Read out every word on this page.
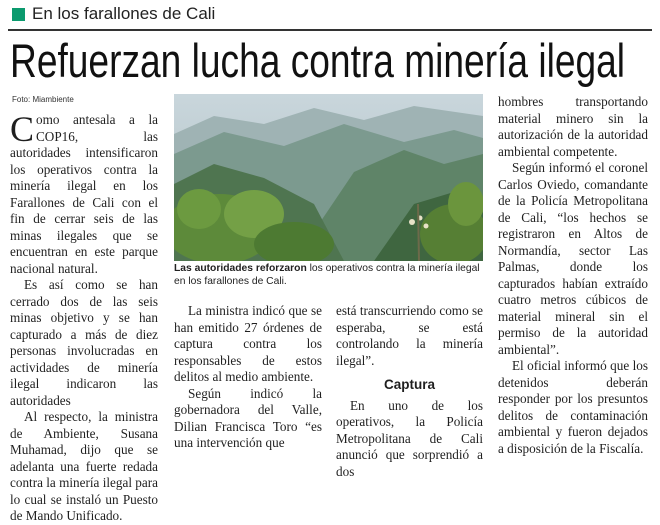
En los farallones de Cali
Refuerzan lucha contra minería ilegal
Foto: Miambiente

Como antesala a la COP16, las autoridades intensificaron los operativos contra la minería ilegal en los Farallones de Cali con el fin de cerrar seis de las minas ilegales que se encuentran en este parque nacional natural.

Es así como se han cerrado dos de las seis minas objetivo y se han capturado a más de diez personas involucradas en actividades de minería ilegal indicaron las autoridades

Al respecto, la ministra de Ambiente, Susana Muhamad, dijo que se adelanta una fuerte redada contra la minería ilegal para lo cual se instaló un Puesto de Mando Unificado.

Las autoridades reforzaron los operativos contra la minería ilegal en los farallones de Cali.

La ministra indicó que se han emitido 27 órdenes de captura contra los responsables de estos delitos al medio ambiente.

Según indicó la gobernadora del Valle, Dilian Francisca Toro “es una intervención que

está transcurriendo como se esperaba, se está controlando la minería ilegal”.

Captura

En uno de los operativos, la Policía Metropolitana de Cali anunció que sorprendió a dos

hombres transportando material minero sin la autorización de la autoridad ambiental competente.

Según informó el coronel Carlos Oviedo, comandante de la Policía Metropolitana de Cali, “los hechos se registraron en Altos de Normandía, sector Las Palmas, donde los capturados habían extraído cuatro metros cúbicos de material mineral sin el permiso de la autoridad ambiental”.

El oficial informó que los detenidos deberán responder por los presuntos delitos de contaminación ambiental y fueron dejados a disposición de la Fiscalía.
